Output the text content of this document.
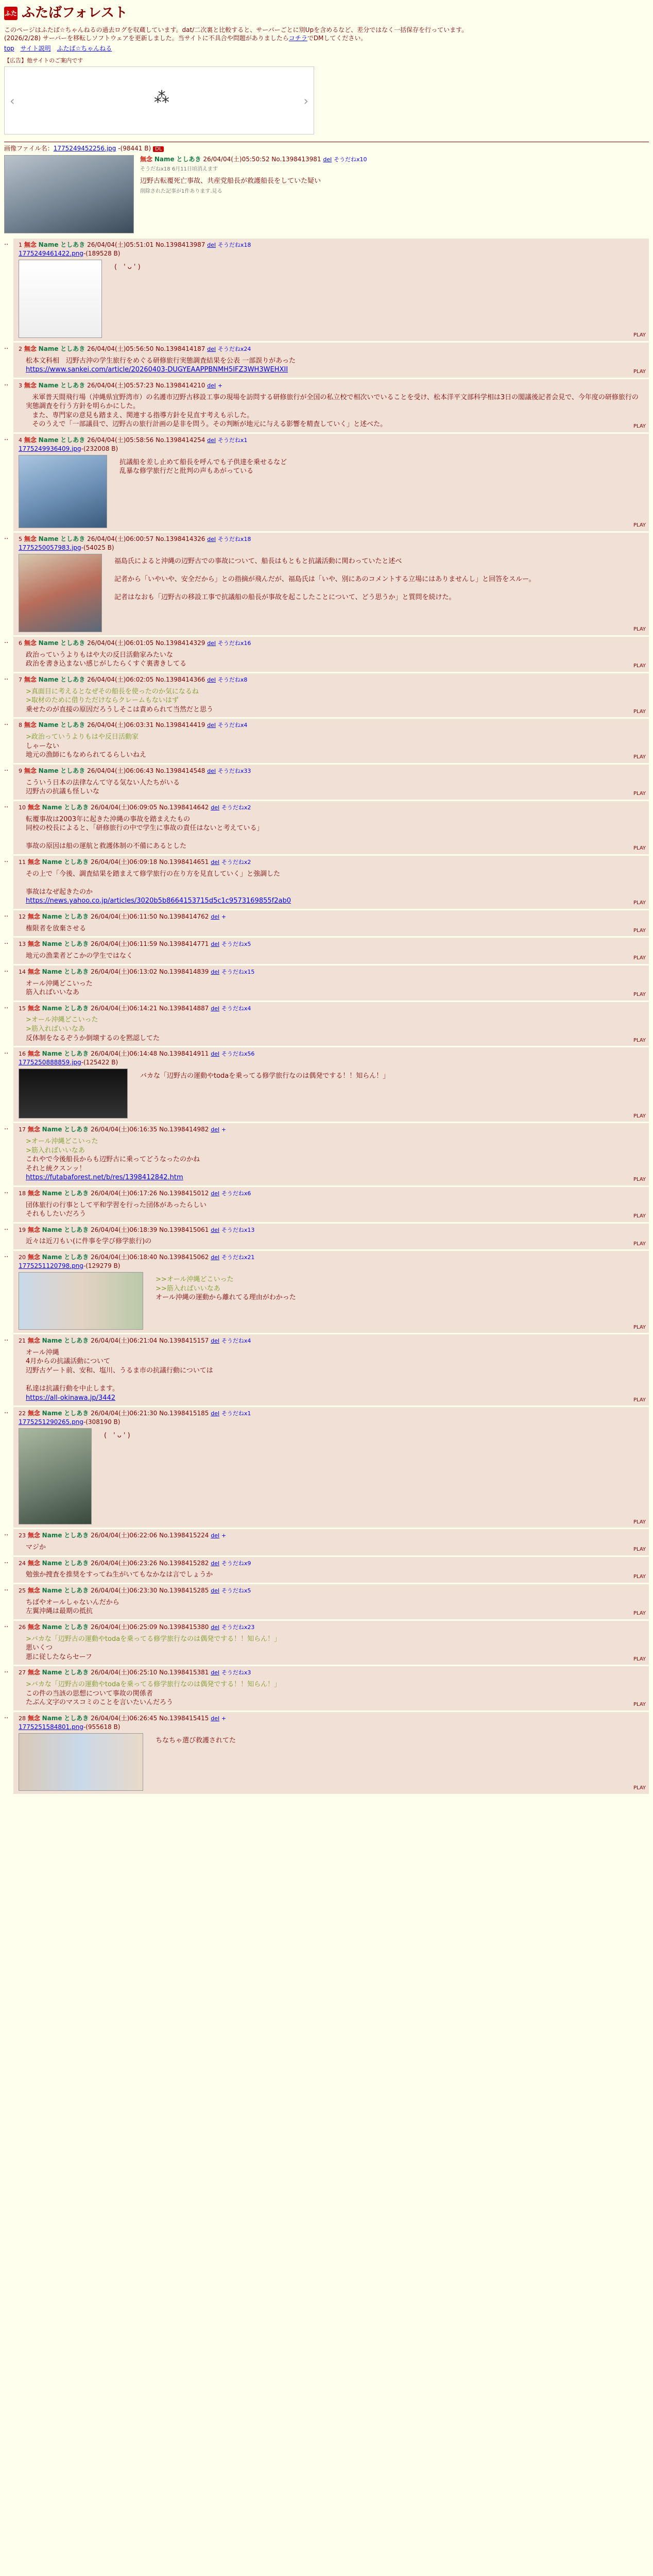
ふた ふたばフォレスト
このページはふたば☆ちゃんねるの過去ログを収蔵しています。dat/二次裏と比較すると、サーバーごとに別Upを含めるなど、差分ではなく一括保存を行っています。
(2026/2/28) サーバーを移転しソフトウェアを更新しました。当サイトに不具合や問題がありましたらコチラでDMしてください。
top サイト説明 ふたば☆ちゃんねる
【広告】他サイトのご案内です
‹	⁂	›
画像ファイル名：1775249452256.jpg -(98441 B) DL
無念 Name としあき 26/04/04(土)05:50:52 No.1398413981 del そうだねx10
そうだねx18 6月11日頃消えます
辺野古転覆死亡事故、共産党船長が救護船長をしていた疑い
削除された記事が1件あります.見る
..	1 無念 Name としあき 26/04/04(土)05:51:01 No.1398413987 del そうだねx18
1775249461422.png-(189528 B)

(　' ᴗ ' )

PLAY
..	2 無念 Name としあき 26/04/04(土)05:56:50 No.1398414187 del そうだねx24

松本文科相　辺野古沖の学生旅行をめぐる研修旅行実態調査結果を公表 一部誤りがあった

https://www.sankei.com/article/20260403-DUGYEAAPPBNMH5IFZ3WH3WEHXII	PLAY
..	3 無念 Name としあき 26/04/04(土)05:57:23 No.1398414210 del +

米軍普天間飛行場（沖縄県宜野湾市）の名護市辺野古移設工事の現場を訪問する研修旅行が全国の私立校で相次いでいることを受け、松本洋平文部科学相は3日の閣議後記者会見で、今年度の研修旅行の実態調査を行う方針を明らかにした。
また、専門家の意見も踏まえ、関連する指導方針を見直す考えも示した。
そのうえで「一部議員で、辺野古の旅行計画の是非を問う。その判断が地元に与える影響を精査していく」と述べた。	PLAY
..	4 無念 Name としあき 26/04/04(土)05:58:56 No.1398414254 del そうだねx1
1775249936409.jpg-(232008 B)

抗議船を差し止めて船長を呼んでも子供達を乗せるなど
乱暴な修学旅行だと批判の声もあがっている

PLAY
..	5 無念 Name としあき 26/04/04(土)06:00:57 No.1398414326 del そうだねx18
1775250057983.jpg-(54025 B)

福島氏によると沖縄の辺野古での事故について、船長はもともと抗議活動に関わっていたと述べ

記者から「いやいや、安全だから」との指摘が飛んだが、福島氏は「いや、別にあのコメントする立場にはありませんし」と回答をスルー。

記者はなおも「辺野古の移設工事で抗議船の船長が事故を起こしたことについて、どう思うか」と質問を続けた。

PLAY
..	6 無念 Name としあき 26/04/04(土)06:01:05 No.1398414329 del そうだねx16

政治っていうよりもはや大の反日活動家みたいな
政治を書き込まない感じがしたらくすぐ裏書きしてる	PLAY
..	7 無念 Name としあき 26/04/04(土)06:02:05 No.1398414366 del そうだねx8

>真面目に考えるとなぜその船長を使ったのか気になるね
>取材のために借りただけならクレームもないはず

乗せたのが直接の原因だろうしそこは責められて当然だと思う	PLAY
..	8 無念 Name としあき 26/04/04(土)06:03:31 No.1398414419 del そうだねx4

>政治っていうよりもはや反日活動家

しゃーない
地元の漁師にもなめられてるらしいねえ	PLAY
..	9 無念 Name としあき 26/04/04(土)06:06:43 No.1398414548 del そうだねx33

こういう日本の法律なんて守る気ない人たちがいる
辺野古の抗議も怪しいな	PLAY
..	10 無念 Name としあき 26/04/04(土)06:09:05 No.1398414642 del そうだねx2

転覆事故は2003年に起きた沖縄の事故を踏まえたもの
同校の校長によると、「研修旅行の中で学生に事故の責任はないと考えている」

事故の原因は船の運航と救護体制の不備にあるとした	PLAY
..	11 無念 Name としあき 26/04/04(土)06:09:18 No.1398414651 del そうだねx2

その上で「今後、調査結果を踏まえて修学旅行の在り方を見直していく」と強調した

事故はなぜ起きたのか

https://news.yahoo.co.jp/articles/3020b5b8664153715d5c1c9573169855f2ab0	PLAY
..	12 無念 Name としあき 26/04/04(土)06:11:50 No.1398414762 del +

権限者を放棄させる	PLAY
..	13 無念 Name としあき 26/04/04(土)06:11:59 No.1398414771 del そうだねx5

地元の漁業者どこかの学生ではなく	PLAY
..	14 無念 Name としあき 26/04/04(土)06:13:02 No.1398414839 del そうだねx15

オール沖縄どこいった
筋入ればいいなあ	PLAY
..	15 無念 Name としあき 26/04/04(土)06:14:21 No.1398414887 del そうだねx4

>オール沖縄どこいった
>筋入ればいいなあ

反体制をなるぞうか倒壊するのを黙認してた	PLAY
..	16 無念 Name としあき 26/04/04(土)06:14:48 No.1398414911 del そうだねx56
1775250888859.jpg-(125422 B)

バカな「辺野古の運動やtodaを乗ってる修学旅行なのは偶発でする！！知らん！」

PLAY
..	17 無念 Name としあき 26/04/04(土)06:16:35 No.1398414982 del +

>オール沖縄どこいった
>筋入ればいいなあ

これやで今後船長からも辺野古に乗ってどうなったのかね
それと統クスンッ！

https://futabaforest.net/b/res/1398412842.htm	PLAY
..	18 無念 Name としあき 26/04/04(土)06:17:26 No.1398415012 del そうだねx6

団体旅行の行事として平和学習を行った団体があったらしい
それもしたいだろう	PLAY
..	19 無念 Name としあき 26/04/04(土)06:18:39 No.1398415061 del そうだねx13

近々は近刀もい(に件事を学び修学旅行)の	PLAY
..	20 無念 Name としあき 26/04/04(土)06:18:40 No.1398415062 del そうだねx21
1775251120798.png-(129279 B)

>>オール沖縄どこいった
>>筋入ればいいなあ

オール沖縄の運動から離れてる理由がわかった

PLAY
..	21 無念 Name としあき 26/04/04(土)06:21:04 No.1398415157 del そうだねx4

オール沖縄
4月からの抗議活動について
辺野古ゲート前、安和、塩川、うるま市の抗議行動については

私達は抗議行動を中止します。

https://all-okinawa.jp/3442	PLAY
..	22 無念 Name としあき 26/04/04(土)06:21:30 No.1398415185 del そうだねx1
1775251290265.png-(308190 B)

(　' ᴗ ' )

PLAY
..	23 無念 Name としあき 26/04/04(土)06:22:06 No.1398415224 del +

マジか	PLAY
..	24 無念 Name としあき 26/04/04(土)06:23:26 No.1398415282 del そうだねx9

勉強か捜査を推奨をすってね生がいてもなかなは言でしょうか	PLAY
..	25 無念 Name としあき 26/04/04(土)06:23:30 No.1398415285 del そうだねx5

ちばやオールしゃないんだから
左翼沖縄は最期の抵抗	PLAY
..	26 無念 Name としあき 26/04/04(土)06:25:09 No.1398415380 del そうだねx23

>バカな「辺野古の運動やtodaを乗ってる修学旅行なのは偶発でする！！知らん！」

悪いくつ
悪に従したならセーフ	PLAY
..	27 無念 Name としあき 26/04/04(土)06:25:10 No.1398415381 del そうだねx3

>バカな「辺野古の運動やtodaを乗ってる修学旅行なのは偶発でする！！知らん！」

この件の当該の思想について事故の関係者
たぶん文字のマスコミのことを言いたいんだろう	PLAY
..	28 無念 Name としあき 26/04/04(土)06:26:45 No.1398415415 del +
1775251584801.png-(955618 B)

ちなちゃ選び救護されてた

PLAY
